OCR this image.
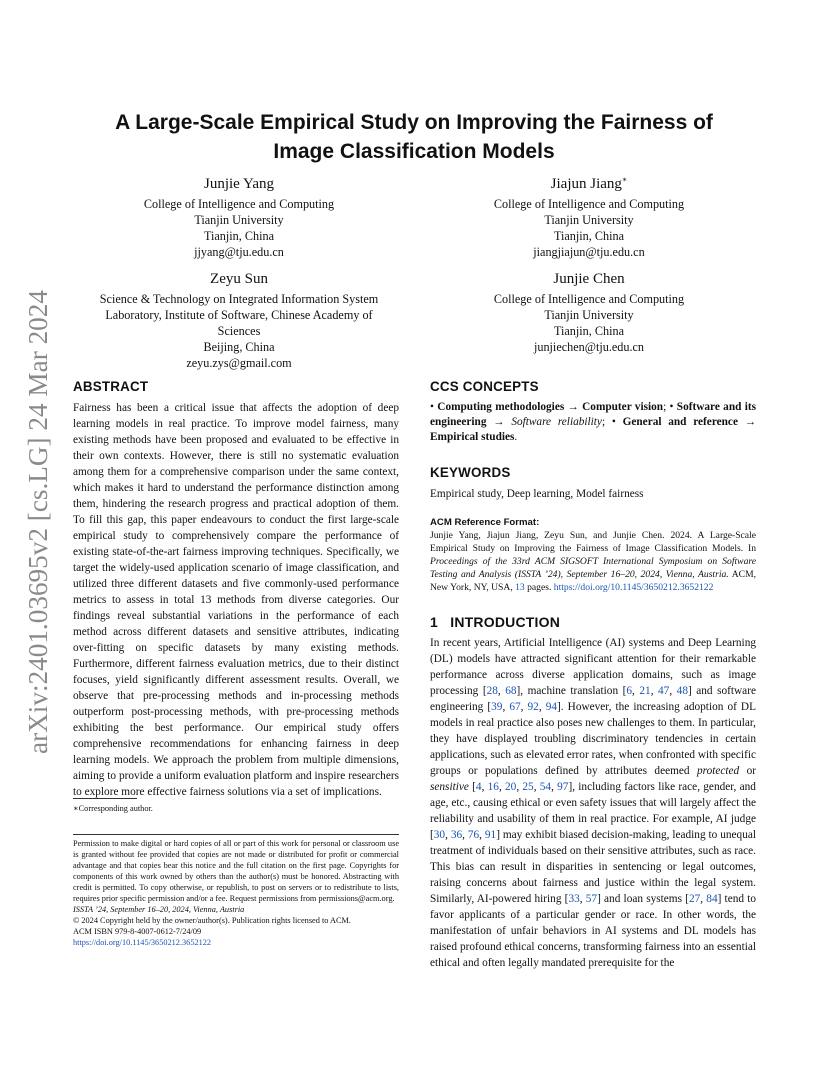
arXiv:2401.03695v2 [cs.LG] 24 Mar 2024
A Large-Scale Empirical Study on Improving the Fairness of
Image Classification Models
Junjie Yang
College of Intelligence and Computing
Tianjin University
Tianjin, China
jjyang@tju.edu.cn
Jiajun Jiang∗
College of Intelligence and Computing
Tianjin University
Tianjin, China
jiangjiajun@tju.edu.cn
Zeyu Sun
Science & Technology on Integrated Information System
Laboratory, Institute of Software, Chinese Academy of
Sciences
Beijing, China
zeyu.zys@gmail.com
Junjie Chen
College of Intelligence and Computing
Tianjin University
Tianjin, China
junjiechen@tju.edu.cn
ABSTRACT

Fairness has been a critical issue that affects the adoption of deep learning models in real practice. To improve model fairness, many existing methods have been proposed and evaluated to be effective in their own contexts. However, there is still no systematic evaluation among them for a comprehensive comparison under the same context, which makes it hard to understand the performance distinction among them, hindering the research progress and practical adoption of them. To fill this gap, this paper endeavours to conduct the first large-scale empirical study to comprehensively compare the performance of existing state-of-the-art fairness improving techniques. Specifically, we target the widely-used application scenario of image classification, and utilized three different datasets and five commonly-used performance metrics to assess in total 13 methods from diverse categories. Our findings reveal substantial variations in the performance of each method across different datasets and sensitive attributes, indicating over-fitting on specific datasets by many existing methods. Furthermore, different fairness evaluation metrics, due to their distinct focuses, yield significantly different assessment results. Overall, we observe that pre-processing methods and in-processing methods outperform post-processing methods, with pre-processing methods exhibiting the best performance. Our empirical study offers comprehensive recommendations for enhancing fairness in deep learning models. We approach the problem from multiple dimensions, aiming to provide a uniform evaluation platform and inspire researchers to explore more effective fairness solutions via a set of implications.

∗Corresponding author.

Permission to make digital or hard copies of all or part of this work for personal or classroom use is granted without fee provided that copies are not made or distributed for profit or commercial advantage and that copies bear this notice and the full citation on the first page. Copyrights for components of this work owned by others than the author(s) must be honored. Abstracting with credit is permitted. To copy otherwise, or republish, to post on servers or to redistribute to lists, requires prior specific permission and/or a fee. Request permissions from permissions@acm.org.

ISSTA ’24, September 16–20, 2024, Vienna, Austria

© 2024 Copyright held by the owner/author(s). Publication rights licensed to ACM.

ACM ISBN 979-8-4007-0612-7/24/09

https://doi.org/10.1145/3650212.3652122

CCS CONCEPTS

• Computing methodologies → Computer vision; • Software and its engineering → Software reliability; • General and reference → Empirical studies.

KEYWORDS

Empirical study, Deep learning, Model fairness

ACM Reference Format:

Junjie Yang, Jiajun Jiang, Zeyu Sun, and Junjie Chen. 2024. A Large-Scale Empirical Study on Improving the Fairness of Image Classification Models. In Proceedings of the 33rd ACM SIGSOFT International Symposium on Software Testing and Analysis (ISSTA ’24), September 16–20, 2024, Vienna, Austria. ACM, New York, NY, USA, 13 pages. https://doi.org/10.1145/3650212.3652122

1 INTRODUCTION

In recent years, Artificial Intelligence (AI) systems and Deep Learning (DL) models have attracted significant attention for their remarkable performance across diverse application domains, such as image processing [28, 68], machine translation [6, 21, 47, 48] and software engineering [39, 67, 92, 94]. However, the increasing adoption of DL models in real practice also poses new challenges to them. In particular, they have displayed troubling discriminatory tendencies in certain applications, such as elevated error rates, when confronted with specific groups or populations defined by attributes deemed protected or sensitive [4, 16, 20, 25, 54, 97], including factors like race, gender, and age, etc., causing ethical or even safety issues that will largely affect the reliability and usability of them in real practice. For example, AI judge [30, 36, 76, 91] may exhibit biased decision-making, leading to unequal treatment of individuals based on their sensitive attributes, such as race. This bias can result in disparities in sentencing or legal outcomes, raising concerns about fairness and justice within the legal system. Similarly, AI-powered hiring [33, 57] and loan systems [27, 84] tend to favor applicants of a particular gender or race. In other words, the manifestation of unfair behaviors in AI systems and DL models has raised profound ethical concerns, transforming fairness into an essential ethical and often legally mandated prerequisite for the
